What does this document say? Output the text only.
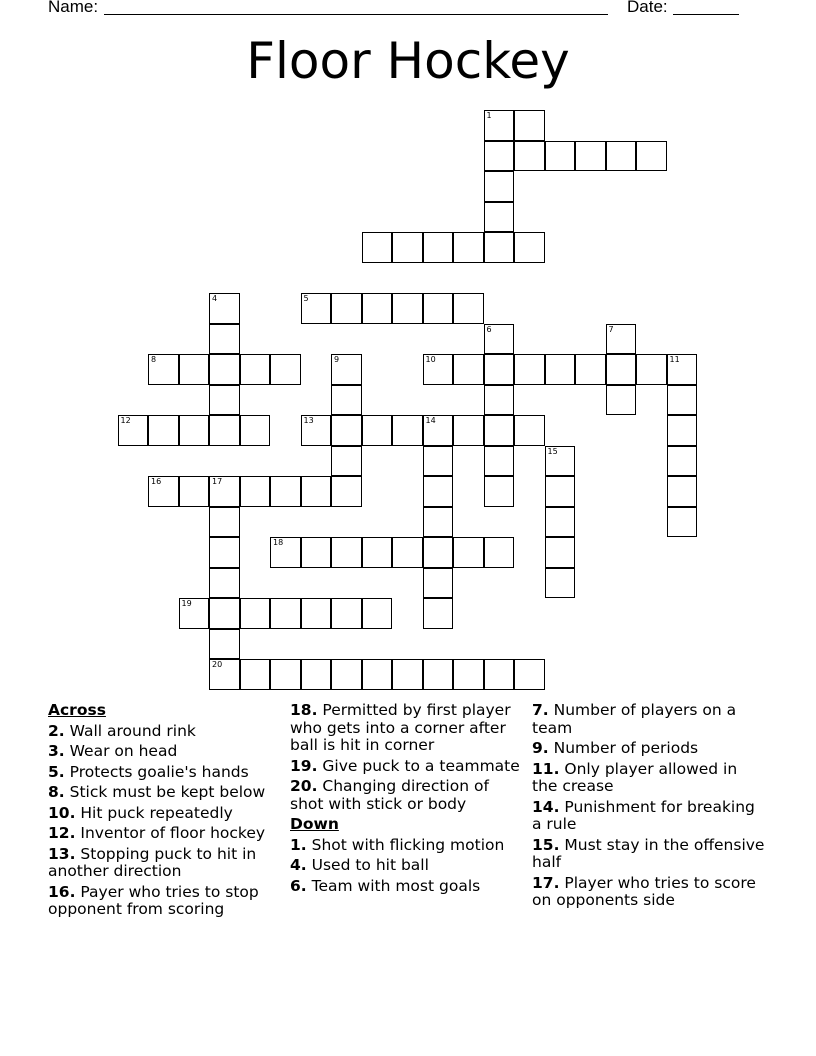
Name:	Date:
Floor Hockey
1
4	5
6	7
8	9	10	11
12	13	14
15
16	17
18
19
20
Across
2. Wall around rink
3. Wear on head
5. Protects goalie's hands
8. Stick must be kept below
10. Hit puck repeatedly
12. Inventor of floor hockey
13. Stopping puck to hit in another direction
16. Payer who tries to stop opponent from scoring
18. Permitted by first player who gets into a corner after ball is hit in corner
19. Give puck to a teammate
20. Changing direction of shot with stick or body
Down
1. Shot with flicking motion
4. Used to hit ball
6. Team with most goals
7. Number of players on a team
9. Number of periods
11. Only player allowed in the crease
14. Punishment for breaking a rule
15. Must stay in the offensive half
17. Player who tries to score on opponents side
